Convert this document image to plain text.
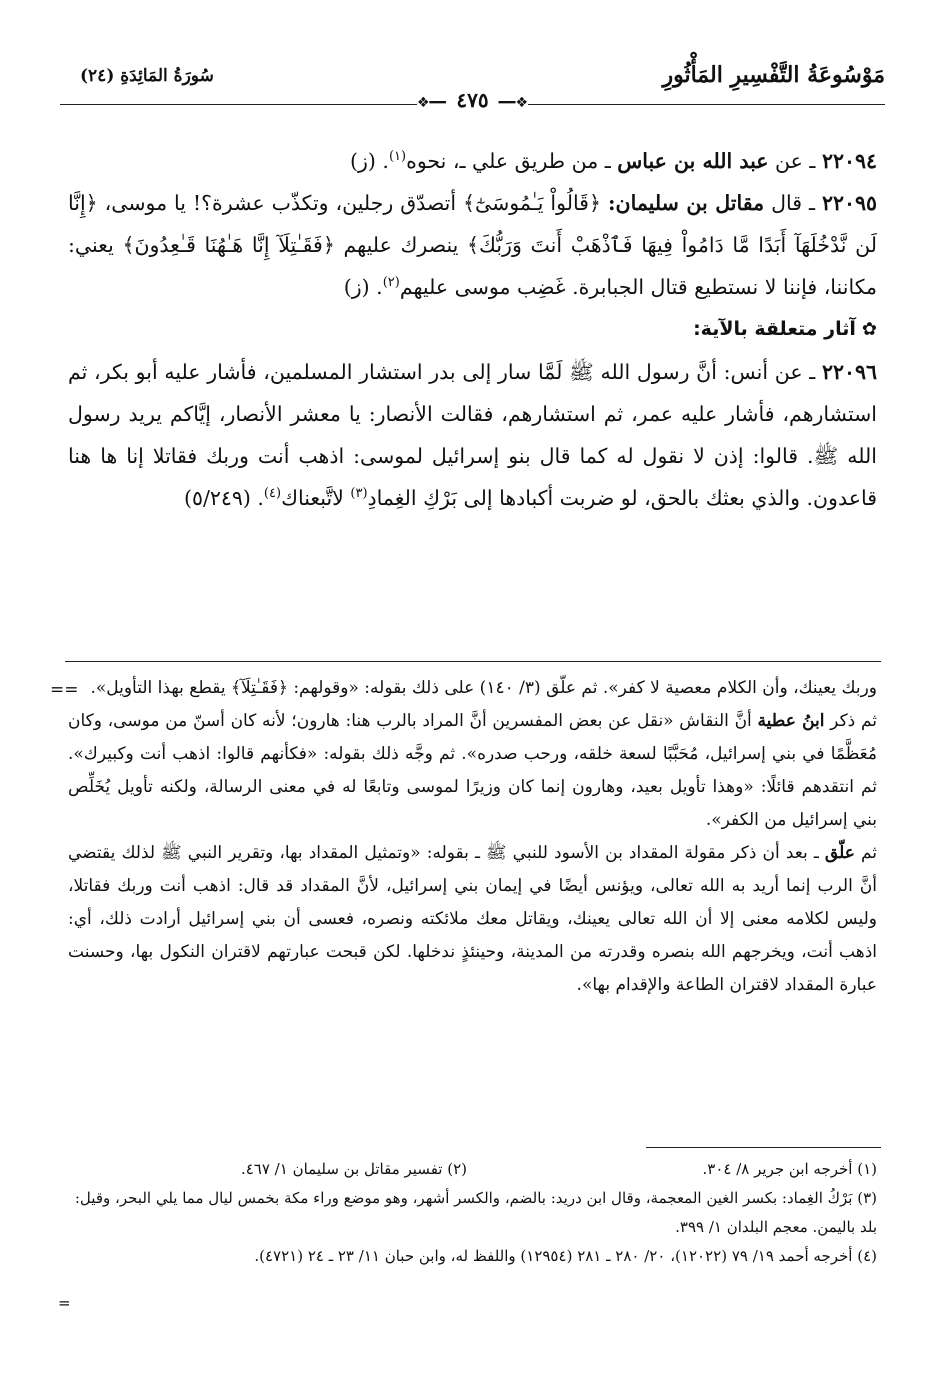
مَوْسُوعَةُ التَّفْسِيرِ المَأْثُورِ
سُورَةُ المَائِدَةِ (٢٤)
❖━━٤٧٥━━❖

٢٢٠٩٤ ـ عن عبد الله بن عباس ـ من طريق علي ـ، نحوه$^{(١)}$. (ز)

٢٢٠٩٥ ـ قال مقاتل بن سليمان: ﴿قَالُواْ يَـٰمُوسَىٰٓ﴾ أتصدّق رجلين، وتكذّب عشرة؟! يا موسى، ﴿إِنَّا لَن نَّدْخُلَهَآ أَبَدًا مَّا دَامُواْ فِيهَا فَٱذْهَبْ أَنتَ وَرَبُّكَ﴾ ينصرك عليهم ﴿فَقَـٰتِلَآ إِنَّا هَـٰهُنَا قَـٰعِدُونَ﴾ يعني: مكاننا، فإننا لا نستطيع قتال الجبابرة. غَضِب موسى عليهم$^{(٢)}$. (ز)

✿آثار متعلقة بالآية:

٢٢٠٩٦ ـ عن أنس: أنَّ رسول الله ﷺ لَمَّا سار إلى بدر استشار المسلمين، فأشار عليه أبو بكر، ثم استشارهم، فأشار عليه عمر، ثم استشارهم، فقالت الأنصار: يا معشر الأنصار، إيَّاكم يريد رسول الله ﷺ. قالوا: إذن لا نقول له كما قال بنو إسرائيل لموسى: اذهب أنت وربك فقاتلا إنا ها هنا قاعدون. والذي بعثك بالحق، لو ضربت أكبادها إلى بَرْكِ الغِمادِ$^{(٣)}$ لاتَّبعناك$^{(٤)}$. (٥/٢٤٩)

== وربك يعينك، وأن الكلام معصية لا كفر». ثم علّق (٣/ ١٤٠) على ذلك بقوله: «وقولهم: ﴿فَقَـٰتِلَآ﴾ يقطع بهذا التأويل».

ثم ذكر ابنُ عطية أنَّ النقاش «نقل عن بعض المفسرين أنَّ المراد بالرب هنا: هارون؛ لأنه كان أسنّ من موسى، وكان مُعَظَّمًا في بني إسرائيل، مُحَبَّبًا لسعة خلقه، ورحب صدره». ثم وجَّه ذلك بقوله: «فكأنهم قالوا: اذهب أنت وكبيرك». ثم انتقدهم قائلًا: «وهذا تأويل بعيد، وهارون إنما كان وزيرًا لموسى وتابعًا له في معنى الرسالة، ولكنه تأويل يُخَلِّص بني إسرائيل من الكفر».

ثم علّق ـ بعد أن ذكر مقولة المقداد بن الأسود للنبي ﷺ ـ بقوله: «وتمثيل المقداد بها، وتقرير النبي ﷺ لذلك يقتضي أنَّ الرب إنما أريد به الله تعالى، ويؤنس أيضًا في إيمان بني إسرائيل، لأنَّ المقداد قد قال: اذهب أنت وربك فقاتلا، وليس لكلامه معنى إلا أن الله تعالى يعينك، ويقاتل معك ملائكته ونصره، فعسى أن بني إسرائيل أرادت ذلك، أي: اذهب أنت، ويخرجهم الله بنصره وقدرته من المدينة، وحينئذٍ ندخلها. لكن قبحت عبارتهم لاقتران النكول بها، وحسنت عبارة المقداد لاقتران الطاعة والإقدام بها».

(١) أخرجه ابن جرير ٨/ ٣٠٤.
(٢) تفسير مقاتل بن سليمان ١/ ٤٦٧.

(٣) بَرْكُ الغِماد: بكسر الغين المعجمة، وقال ابن دريد: بالضم، والكسر أشهر، وهو موضع وراء مكة بخمس ليال مما يلي البحر، وقيل: بلد باليمن. معجم البلدان ١/ ٣٩٩.

(٤) أخرجه أحمد ١٩/ ٧٩ (١٢٠٢٢)، ٢٠/ ٢٨٠ ـ ٢٨١ (١٢٩٥٤) واللفظ له، وابن حبان ١١/ ٢٣ ـ ٢٤ (٤٧٢١).

=
